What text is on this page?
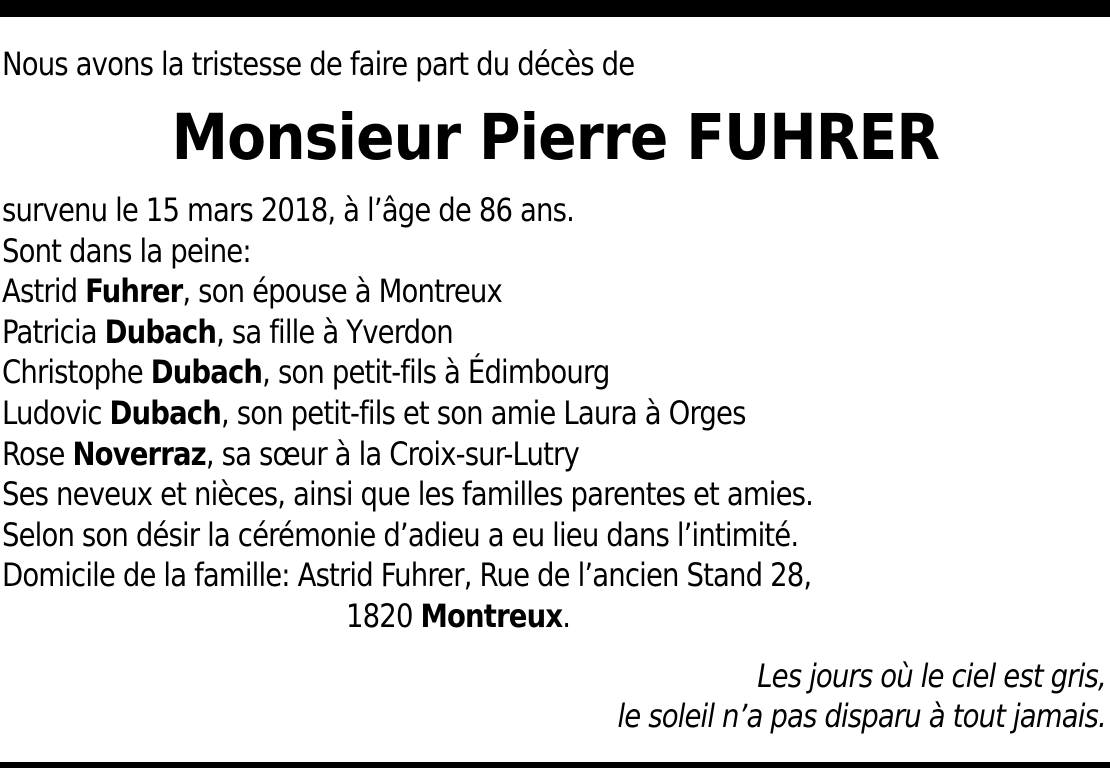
Nous avons la tristesse de faire part du décès de
Monsieur Pierre FUHRER
survenu le 15 mars 2018, à l’âge de 86 ans.
Sont dans la peine:
Astrid Fuhrer, son épouse à Montreux
Patricia Dubach, sa fille à Yverdon
Christophe Dubach, son petit-fils à Édimbourg
Ludovic Dubach, son petit-fils et son amie Laura à Orges
Rose Noverraz, sa sœur à la Croix-sur-Lutry
Ses neveux et nièces, ainsi que les familles parentes et amies.
Selon son désir la cérémonie d’adieu a eu lieu dans l’intimité.
Domicile de la famille: Astrid Fuhrer, Rue de l’ancien Stand 28,
1820 Montreux.
Les jours où le ciel est gris,
le soleil n’a pas disparu à tout jamais.
